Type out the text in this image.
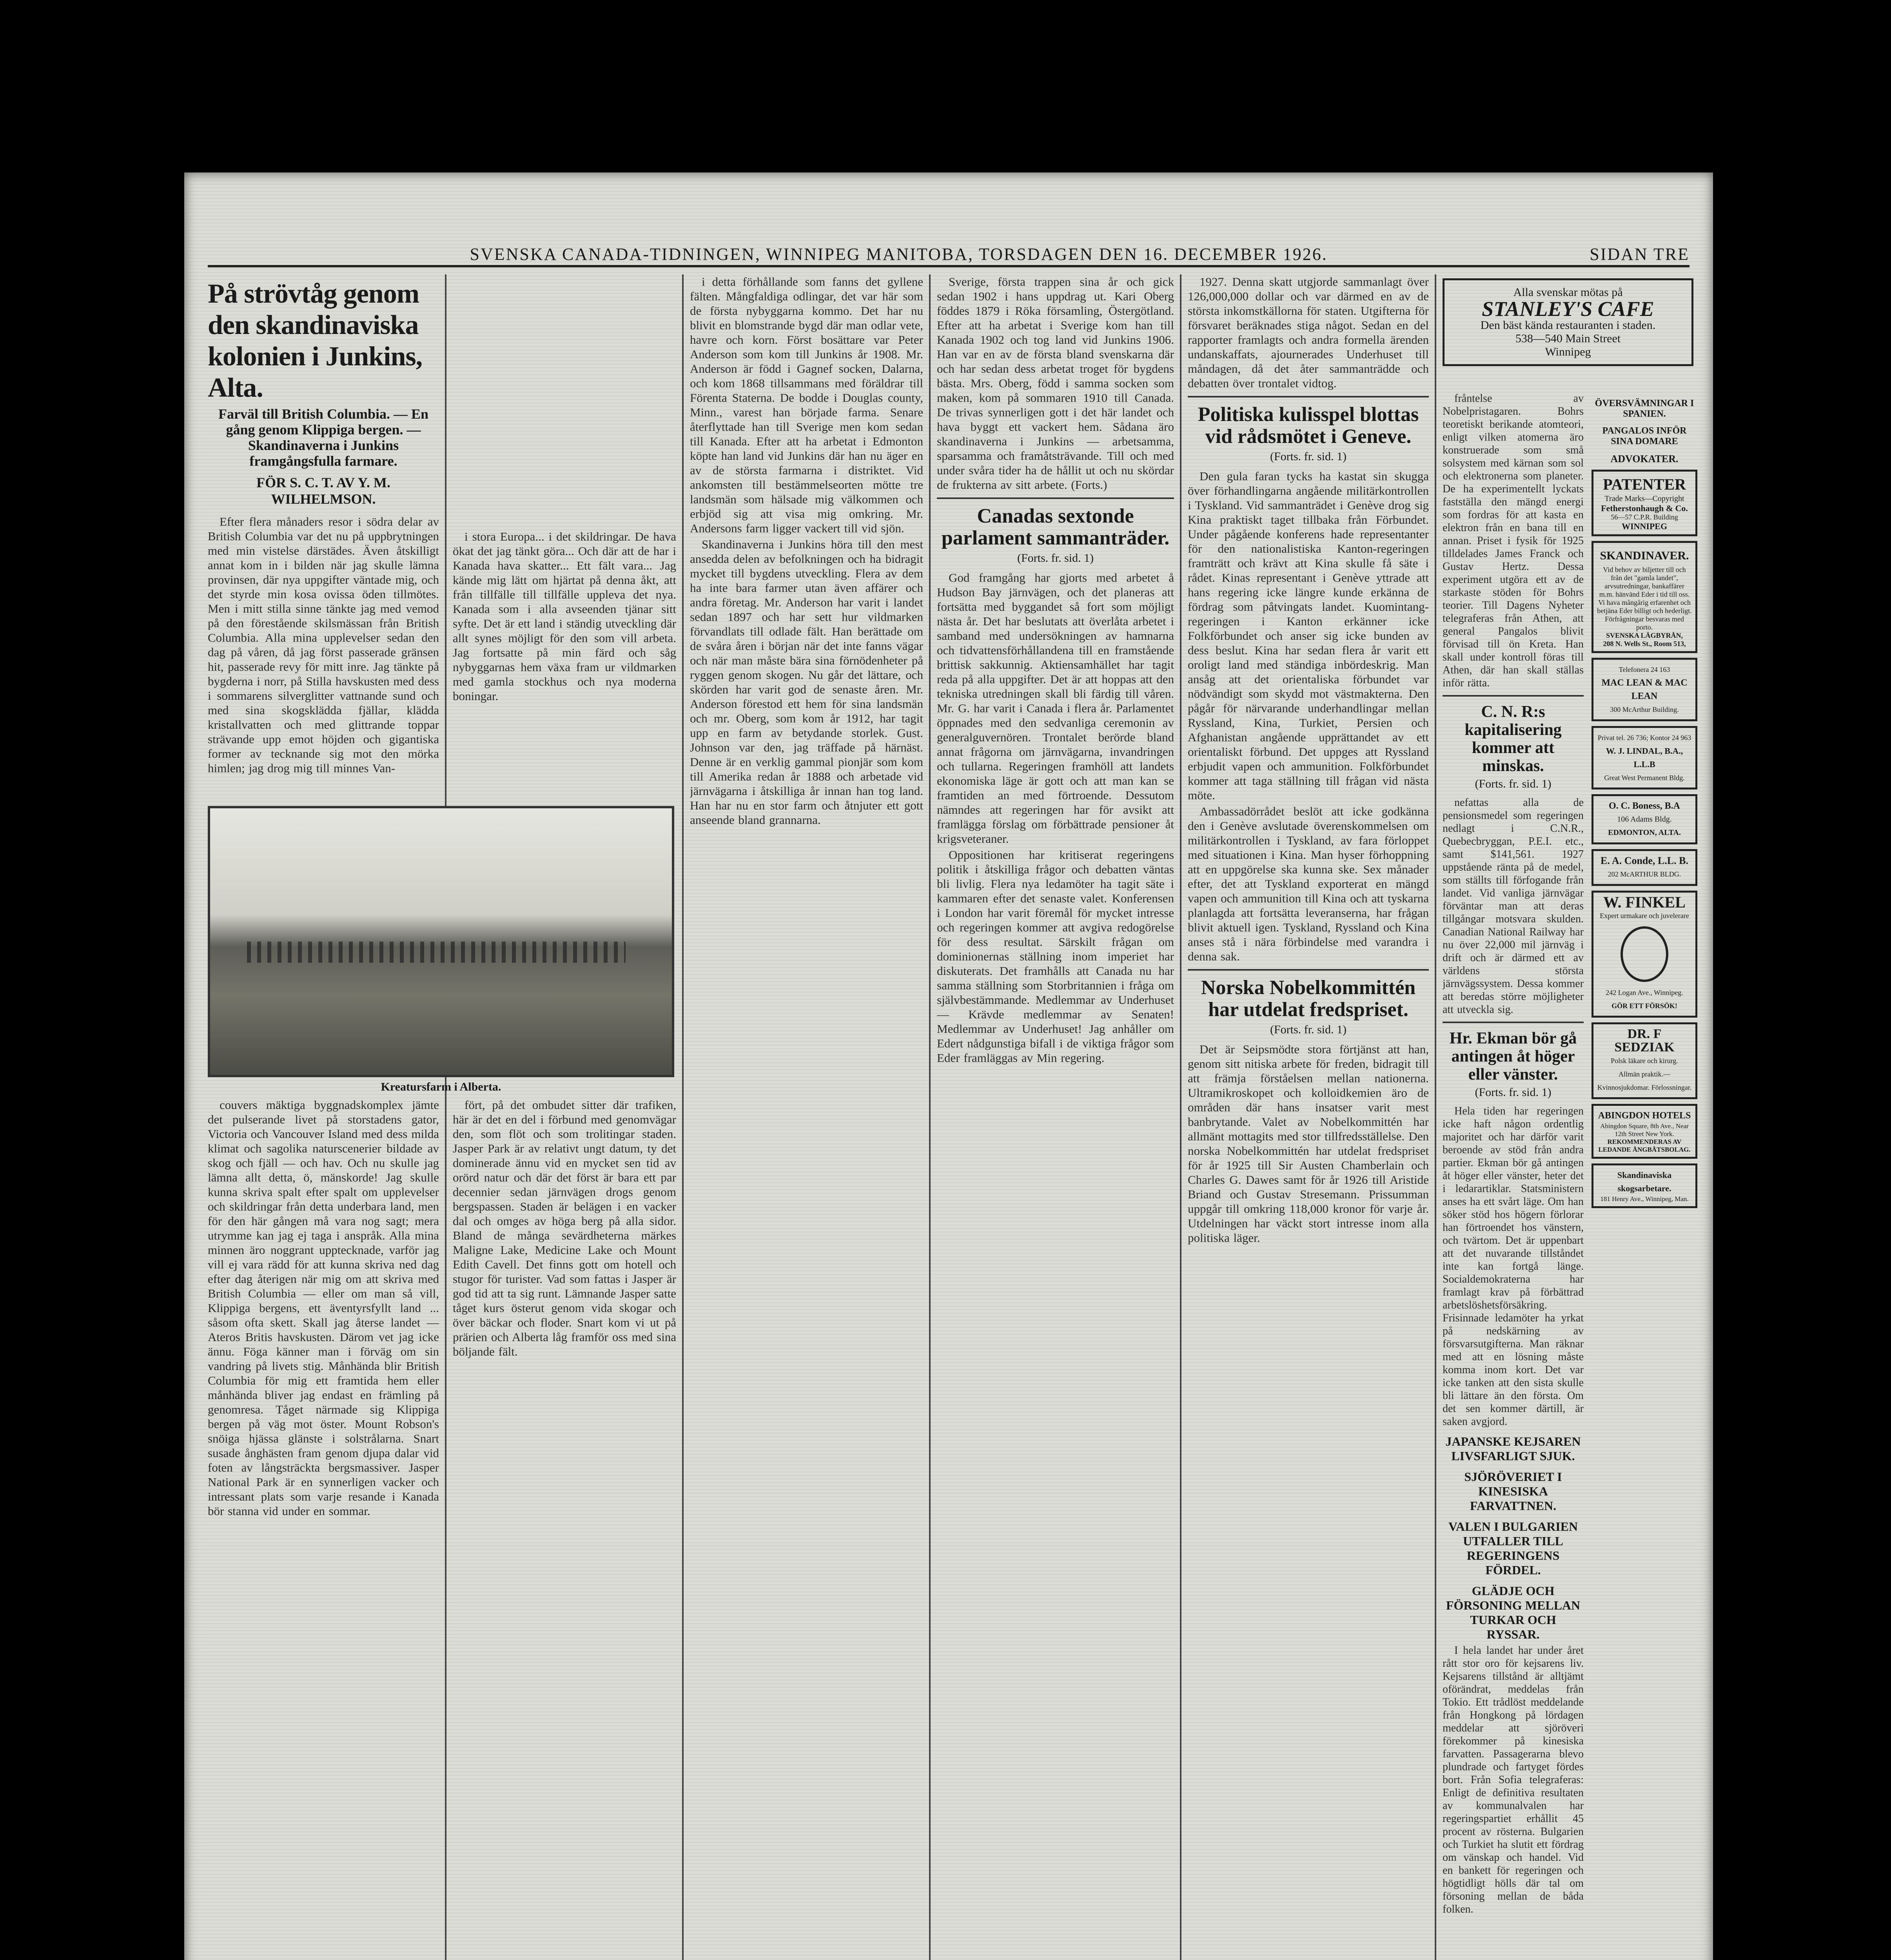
SVENSKA CANADA-TIDNINGEN, WINNIPEG MANITOBA, TORSDAGEN DEN 16. DECEMBER 1926.	SIDAN TRE
På strövtåg genom den skandinaviska kolonien i Junkins, Alta.
Farväl till British Columbia. — En gång genom Klippiga bergen. — Skandinaverna i Junkins framgångsfulla farmare.
FÖR S. C. T. AV Y. M. WILHELMSON.

Efter flera månaders resor i södra delar av British Columbia var det nu på uppbrytningen med min vistelse därstädes. Även åtskilligt annat kom in i bilden när jag skulle lämna provinsen, där nya uppgifter väntade mig, och det styrde min kosa ovissa öden tillmötes. Men i mitt stilla sinne tänkte jag med vemod på den förestående skilsmässan från British Columbia. Alla mina upplevelser sedan den dag på våren, då jag först passerade gränsen hit, passerade revy för mitt inre. Jag tänkte på bygderna i norr, på Stilla havskusten med dess i sommarens silverglitter vattnande sund och med sina skogsklädda fjällar, klädda kristallvatten och med glittrande toppar strävande upp emot höjden och gigantiska former av tecknande sig mot den mörka himlen; jag drog mig till minnes Van-

Kreatursfarm i Alberta.

couvers mäktiga byggnadskomplex jämte det pulserande livet på storstadens gator, Victoria och Vancouver Island med dess milda klimat och sagolika naturscenerier bildade av skog och fjäll — och hav. Och nu skulle jag lämna allt detta, ö, mänskorde! Jag skulle kunna skriva spalt efter spalt om upplevelser och skildringar från detta underbara land, men för den här gången må vara nog sagt; mera utrymme kan jag ej taga i anspråk. Alla mina minnen äro noggrant upptecknade, varför jag vill ej vara rädd för att kunna skriva ned dag efter dag återigen när mig om att skriva med British Columbia — eller om man så vill, Klippiga bergens, ett äventyrsfyllt land ... såsom ofta skett. Skall jag återse landet — Ateros Britis havskusten. Därom vet jag icke ännu. Föga känner man i förväg om sin vandring på livets stig. Månhända blir British Columbia för mig ett framtida hem eller månhända bliver jag endast en främling på genomresa. Tåget närmade sig Klippiga bergen på väg mot öster. Mount Robson's snöiga hjässa glänste i solstrålarna. Snart susade ånghästen fram genom djupa dalar vid foten av långsträckta bergsmassiver. Jasper National Park är en synnerligen vacker och intressant plats som varje resande i Kanada bör stanna vid under en sommar.

i stora Europa... i det skildringar. De hava ökat det jag tänkt göra... Och där att de har i Kanada hava skatter... Ett fält vara... Jag kände mig lätt om hjärtat på denna åkt, att från tillfälle till tillfälle uppleva det nya. Kanada som i alla avseenden tjänar sitt syfte. Det är ett land i ständig utveckling där allt synes möjligt för den som vill arbeta. Jag fortsatte på min färd och såg nybyggarnas hem växa fram ur vildmarken med gamla stockhus och nya moderna boningar.

fört, på det ombudet sitter där trafiken, här är det en del i förbund med genomvägar den, som flöt och som trolitingar staden. Jasper Park är av relativt ungt datum, ty det dominerade ännu vid en mycket sen tid av orörd natur och där det först är bara ett par decennier sedan järnvägen drogs genom bergspassen. Staden är belägen i en vacker dal och omges av höga berg på alla sidor. Bland de många sevärdheterna märkes Maligne Lake, Medicine Lake och Mount Edith Cavell. Det finns gott om hotell och stugor för turister. Vad som fattas i Jasper är god tid att ta sig runt. Lämnande Jasper satte tåget kurs österut genom vida skogar och över bäckar och floder. Snart kom vi ut på prärien och Alberta låg framför oss med sina böljande fält.

i detta förhållande som fanns det gyllene fälten. Mångfaldiga odlingar, det var här som de första nybyggarna kommo. Det har nu blivit en blomstrande bygd där man odlar vete, havre och korn. Först bosättare var Peter Anderson som kom till Junkins år 1908. Mr. Anderson är född i Gagnef socken, Dalarna, och kom 1868 tillsammans med föräldrar till Förenta Staterna. De bodde i Douglas county, Minn., varest han började farma. Senare återflyttade han till Sverige men kom sedan till Kanada. Efter att ha arbetat i Edmonton köpte han land vid Junkins där han nu äger en av de största farmarna i distriktet. Vid ankomsten till bestämmelseorten mötte tre landsmän som hälsade mig välkommen och erbjöd sig att visa mig omkring. Mr. Andersons farm ligger vackert till vid sjön.

Skandinaverna i Junkins höra till den mest ansedda delen av befolkningen och ha bidragit mycket till bygdens utveckling. Flera av dem ha inte bara farmer utan även affärer och andra företag. Mr. Anderson har varit i landet sedan 1897 och har sett hur vildmarken förvandlats till odlade fält. Han berättade om de svåra åren i början när det inte fanns vägar och när man måste bära sina förnödenheter på ryggen genom skogen. Nu går det lättare, och skörden har varit god de senaste åren. Mr. Anderson förestod ett hem för sina landsmän och mr. Oberg, som kom år 1912, har tagit upp en farm av betydande storlek. Gust. Johnson var den, jag träffade på härnäst. Denne är en verklig gammal pionjär som kom till Amerika redan år 1888 och arbetade vid järnvägarna i åtskilliga år innan han tog land. Han har nu en stor farm och åtnjuter ett gott anseende bland grannarna.

Sverige, första trappen sina år och gick sedan 1902 i hans uppdrag ut. Kari Oberg föddes 1879 i Röka församling, Östergötland. Efter att ha arbetat i Sverige kom han till Kanada 1902 och tog land vid Junkins 1906. Han var en av de första bland svenskarna där och har sedan dess arbetat troget för bygdens bästa. Mrs. Oberg, född i samma socken som maken, kom på sommaren 1910 till Canada. De trivas synnerligen gott i det här landet och hava byggt ett vackert hem. Sådana äro skandinaverna i Junkins — arbetsamma, sparsamma och framåtsträvande. Till och med under svåra tider ha de hållit ut och nu skördar de frukterna av sitt arbete. (Forts.)

Canadas sextonde parlament sammanträder.
(Forts. fr. sid. 1)

God framgång har gjorts med arbetet å Hudson Bay järnvägen, och det planeras att fortsätta med byggandet så fort som möjligt nästa år. Det har beslutats att överlåta arbetet i samband med undersökningen av hamnarna och tidvattensförhållandena till en framstående brittisk sakkunnig. Aktiensamhället har tagit reda på alla uppgifter. Det är att hoppas att den tekniska utredningen skall bli färdig till våren. Mr. G. har varit i Canada i flera år. Parlamentet öppnades med den sedvanliga ceremonin av generalguvernören. Trontalet berörde bland annat frågorna om järnvägarna, invandringen och tullarna. Regeringen framhöll att landets ekonomiska läge är gott och att man kan se framtiden an med förtroende. Dessutom nämndes att regeringen har för avsikt att framlägga förslag om förbättrade pensioner åt krigsveteraner.

Oppositionen har kritiserat regeringens politik i åtskilliga frågor och debatten väntas bli livlig. Flera nya ledamöter ha tagit säte i kammaren efter det senaste valet. Konferensen i London har varit föremål för mycket intresse och regeringen kommer att avgiva redogörelse för dess resultat. Särskilt frågan om dominionernas ställning inom imperiet har diskuterats. Det framhålls att Canada nu har samma ställning som Storbritannien i fråga om självbestämmande. Medlemmar av Underhuset — Krävde medlemmar av Senaten! Medlemmar av Underhuset! Jag anhåller om Edert nådgunstiga bifall i de viktiga frågor som Eder framläggas av Min regering.

1927. Denna skatt utgjorde sammanlagt över 126,000,000 dollar och var därmed en av de största inkomstkällorna för staten. Utgifterna för försvaret beräknades stiga något. Sedan en del rapporter framlagts och andra formella ärenden undanskaffats, ajournerades Underhuset till måndagen, då det åter sammanträdde och debatten över trontalet vidtog.

Politiska kulisspel blottas vid rådsmötet i Geneve.
(Forts. fr. sid. 1)

Den gula faran tycks ha kastat sin skugga över förhandlingarna angående militärkontrollen i Tyskland. Vid sammanträdet i Genève drog sig Kina praktiskt taget tillbaka från Förbundet. Under pågående konferens hade representanter för den nationalistiska Kanton-regeringen framträtt och krävt att Kina skulle få säte i rådet. Kinas representant i Genève yttrade att hans regering icke längre kunde erkänna de fördrag som påtvingats landet. Kuomintang-regeringen i Kanton erkänner icke Folkförbundet och anser sig icke bunden av dess beslut. Kina har sedan flera år varit ett oroligt land med ständiga inbördeskrig. Man ansåg att det orientaliska förbundet var nödvändigt som skydd mot västmakterna. Den pågår för närvarande underhandlingar mellan Ryssland, Kina, Turkiet, Persien och Afghanistan angående upprättandet av ett orientaliskt förbund. Det uppges att Ryssland erbjudit vapen och ammunition. Folkförbundet kommer att taga ställning till frågan vid nästa möte.

Ambassadörrådet beslöt att icke godkänna den i Genève avslutade överenskommelsen om militärkontrollen i Tyskland, av fara förloppet med situationen i Kina. Man hyser förhoppning att en uppgörelse ska kunna ske. Sex månader efter, det att Tyskland exporterat en mängd vapen och ammunition till Kina och att tyskarna planlagda att fortsätta leveranserna, har frågan blivit aktuell igen. Tyskland, Ryssland och Kina anses stå i nära förbindelse med varandra i denna sak.

Norska Nobelkommittén har utdelat fredspriset.
(Forts. fr. sid. 1)

Det är Seipsmödte stora förtjänst att han, genom sitt nitiska arbete för freden, bidragit till att främja förståelsen mellan nationerna. Ultramikroskopet och kolloidkemien äro de områden där hans insatser varit mest banbrytande. Valet av Nobelkommittén har allmänt mottagits med stor tillfredsställelse. Den norska Nobelkommittén har utdelat fredspriset för år 1925 till Sir Austen Chamberlain och Charles G. Dawes samt för år 1926 till Aristide Briand och Gustav Stresemann. Prissumman uppgår till omkring 118,000 kronor för varje år. Utdelningen har väckt stort intresse inom alla politiska läger.

Alla svenskar mötas på
STANLEY'S CAFE
Den bäst kända restauranten i staden.
538—540 Main Street
Winnipeg

fråntelse av Nobelpristagaren. Bohrs teoretiskt berikande atomteori, enligt vilken atomerna äro konstruerade som små solsystem med kärnan som sol och elektronerna som planeter. De ha experimentellt lyckats fastställa den mängd energi som fordras för att kasta en elektron från en bana till en annan. Priset i fysik för 1925 tilldelades James Franck och Gustav Hertz. Dessa experiment utgöra ett av de starkaste stöden för Bohrs teorier. Till Dagens Nyheter telegraferas från Athen, att general Pangalos blivit förvisad till ön Kreta. Han skall under kontroll föras till Athen, där han skall ställas inför rätta.

C. N. R:s kapitalisering kommer att minskas.
(Forts. fr. sid. 1)

nefattas alla de pensionsmedel som regeringen nedlagt i C.N.R., Quebecbryggan, P.E.I. etc., samt $141,561. 1927 uppstående ränta på de medel, som ställts till förfogande från landet. Vid vanliga järnvägar förväntar man att deras tillgångar motsvara skulden. Canadian National Railway har nu över 22,000 mil järnväg i drift och är därmed ett av världens största järnvägssystem. Dessa kommer att beredas större möjligheter att utveckla sig.

Hr. Ekman bör gå antingen åt höger eller vänster.
(Forts. fr. sid. 1)

Hela tiden har regeringen icke haft någon ordentlig majoritet och har därför varit beroende av stöd från andra partier. Ekman bör gå antingen åt höger eller vänster, heter det i ledarartiklar. Statsministern anses ha ett svårt läge. Om han söker stöd hos högern förlorar han förtroendet hos vänstern, och tvärtom. Det är uppenbart att det nuvarande tillståndet inte kan fortgå länge. Socialdemokraterna har framlagt krav på förbättrad arbetslöshetsförsäkring. Frisinnade ledamöter ha yrkat på nedskärning av försvarsutgifterna. Man räknar med att en lösning måste komma inom kort. Det var icke tanken att den sista skulle bli lättare än den första. Om det sen kommer därtill, är saken avgjord.

JAPANSKE KEJSAREN LIVSFARLIGT SJUK.
SJÖRÖVERIET I KINESISKA FARVATTNEN.
VALEN I BULGARIEN UTFALLER TILL REGERINGENS FÖRDEL.
GLÄDJE OCH FÖRSONING MELLAN TURKAR OCH RYSSAR.

I hela landet har under året rått stor oro för kejsarens liv. Kejsarens tillstånd är alltjämt oförändrat, meddelas från Tokio. Ett trådlöst meddelande från Hongkong på lördagen meddelar att sjöröveri förekommer på kinesiska farvatten. Passagerarna blevo plundrade och fartyget fördes bort. Från Sofia telegraferas: Enligt de definitiva resultaten av kommunalvalen har regeringspartiet erhållit 45 procent av rösterna. Bulgarien och Turkiet ha slutit ett fördrag om vänskap och handel. Vid en bankett för regeringen och högtidligt hölls där tal om försoning mellan de båda folken.

ÖVERSVÄMNINGAR I SPANIEN.
PANGALOS INFÖR SINA DOMARE
ADVOKATER.
PATENTER
Trade Marks—Copyright
Fetherstonhaugh & Co.
56—57 C.P.R. Building
WINNIPEG
SKANDINAVER.
Vid behov av biljetter till och från det "gamla landet", arvsutredningar, bankaffärer m.m. hänvänd Eder i tid till oss. Vi hava mångårig erfarenhet och betjäna Eder billigt och hederligt. Förfrågningar besvaras med porto.
SVENSKA LÄGBYRÅN,
208 N. Wells St., Room 513,
Telefonera 24 163
MAC LEAN & MAC LEAN
300 McArthur Building.
Privat tel. 26 736; Kontor 24 963
W. J. LINDAL, B.A., L.L.B
Great West Permanent Bldg.
O. C. Boness, B.A
106 Adams Bldg.
EDMONTON, ALTA.
E. A. Conde, L.L. B.
202 McARTHUR BLDG.
W. FINKEL
Expert urmakare och juvelerare
242 Logan Ave., Winnipeg.
GÖR ETT FÖRSÖK!
DR. F SEDZIAK
Polsk läkare och kirurg.
Allmän praktik.—Kvinnosjukdomar. Förlossningar.
ABINGDON HOTELS
Abingdon Square, 8th Ave., Near 12th Street New York.
REKOMMENDERAS AV LEDANDE ÅNGBÅTSBOLAG.
Skandinaviska skogsarbetare.
181 Henry Ave., Winnipeg, Man.
